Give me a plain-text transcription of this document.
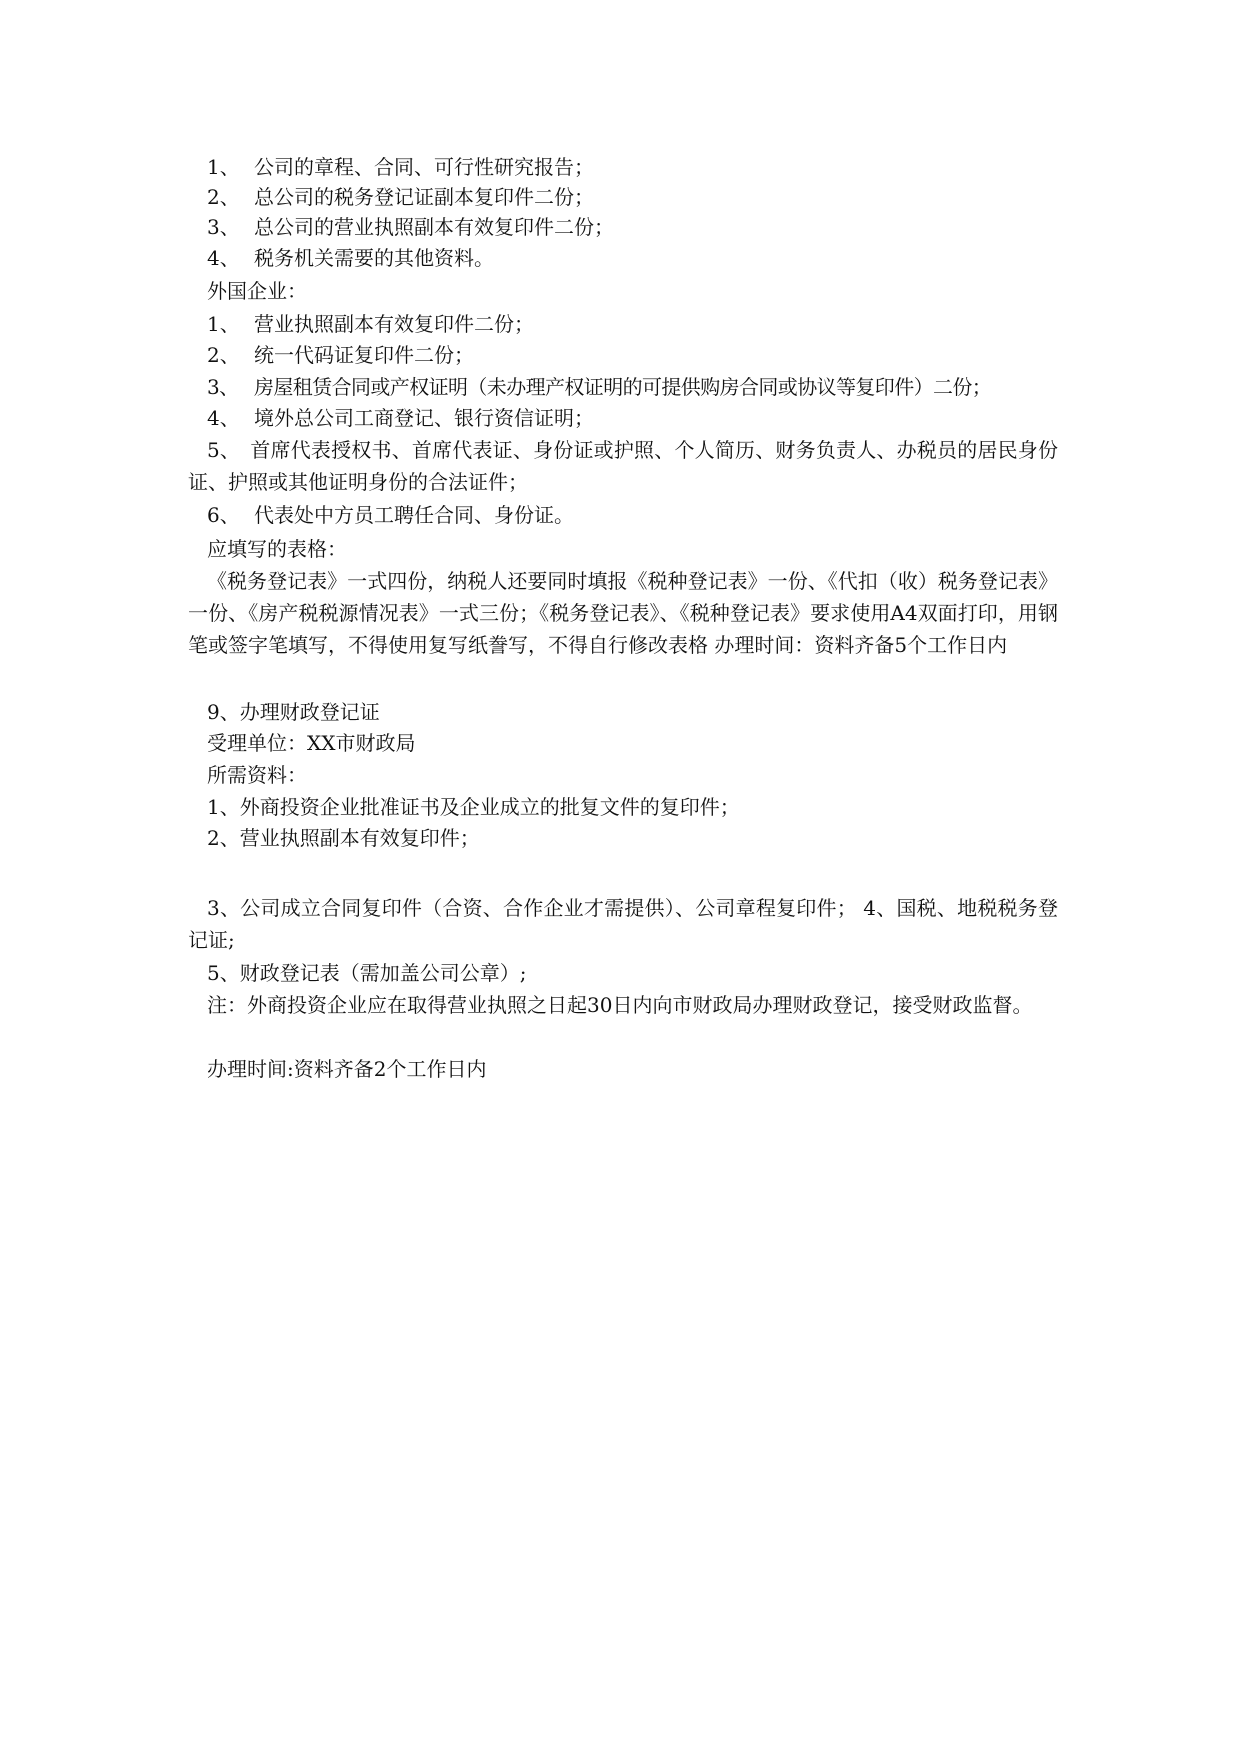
1、 公司的章程、合同、可行性研究报告；
2、 总公司的税务登记证副本复印件二份；
3、 总公司的营业执照副本有效复印件二份；
4、 税务机关需要的其他资料。
外国企业：
1、 营业执照副本有效复印件二份；
2、 统一代码证复印件二份；
3、 房屋租赁合同或产权证明（未办理产权证明的可提供购房合同或协议等复印件）二份；
4、 境外总公司工商登记、银行资信证明；

5、　首席代表授权书、首席代表证、身份证或护照、个人简历、财务负责人、办税员的居民身份证、护照或其他证明身份的合法证件；

6、 代表处中方员工聘任合同、身份证。
应填写的表格：

《税务登记表》一式四份，纳税人还要同时填报《税种登记表》一份、《代扣（收）税务登记表》一份、《房产税税源情况表》一式三份；《税务登记表》、《税种登记表》要求使用A4双面打印，用钢笔或签字笔填写，不得使用复写纸誊写，不得自行修改表格 办理时间：资料齐备5个工作日内

9、办理财政登记证
受理单位：XX市财政局
所需资料：
1、外商投资企业批准证书及企业成立的批复文件的复印件；
2、营业执照副本有效复印件；

3、公司成立合同复印件（合资、合作企业才需提供）、公司章程复印件； 4、国税、地税税务登记证;

5、财政登记表（需加盖公司公章）;

注：外商投资企业应在取得营业执照之日起30日内向市财政局办理财政登记，接受财政监督。

办理时间:资料齐备2个工作日内
